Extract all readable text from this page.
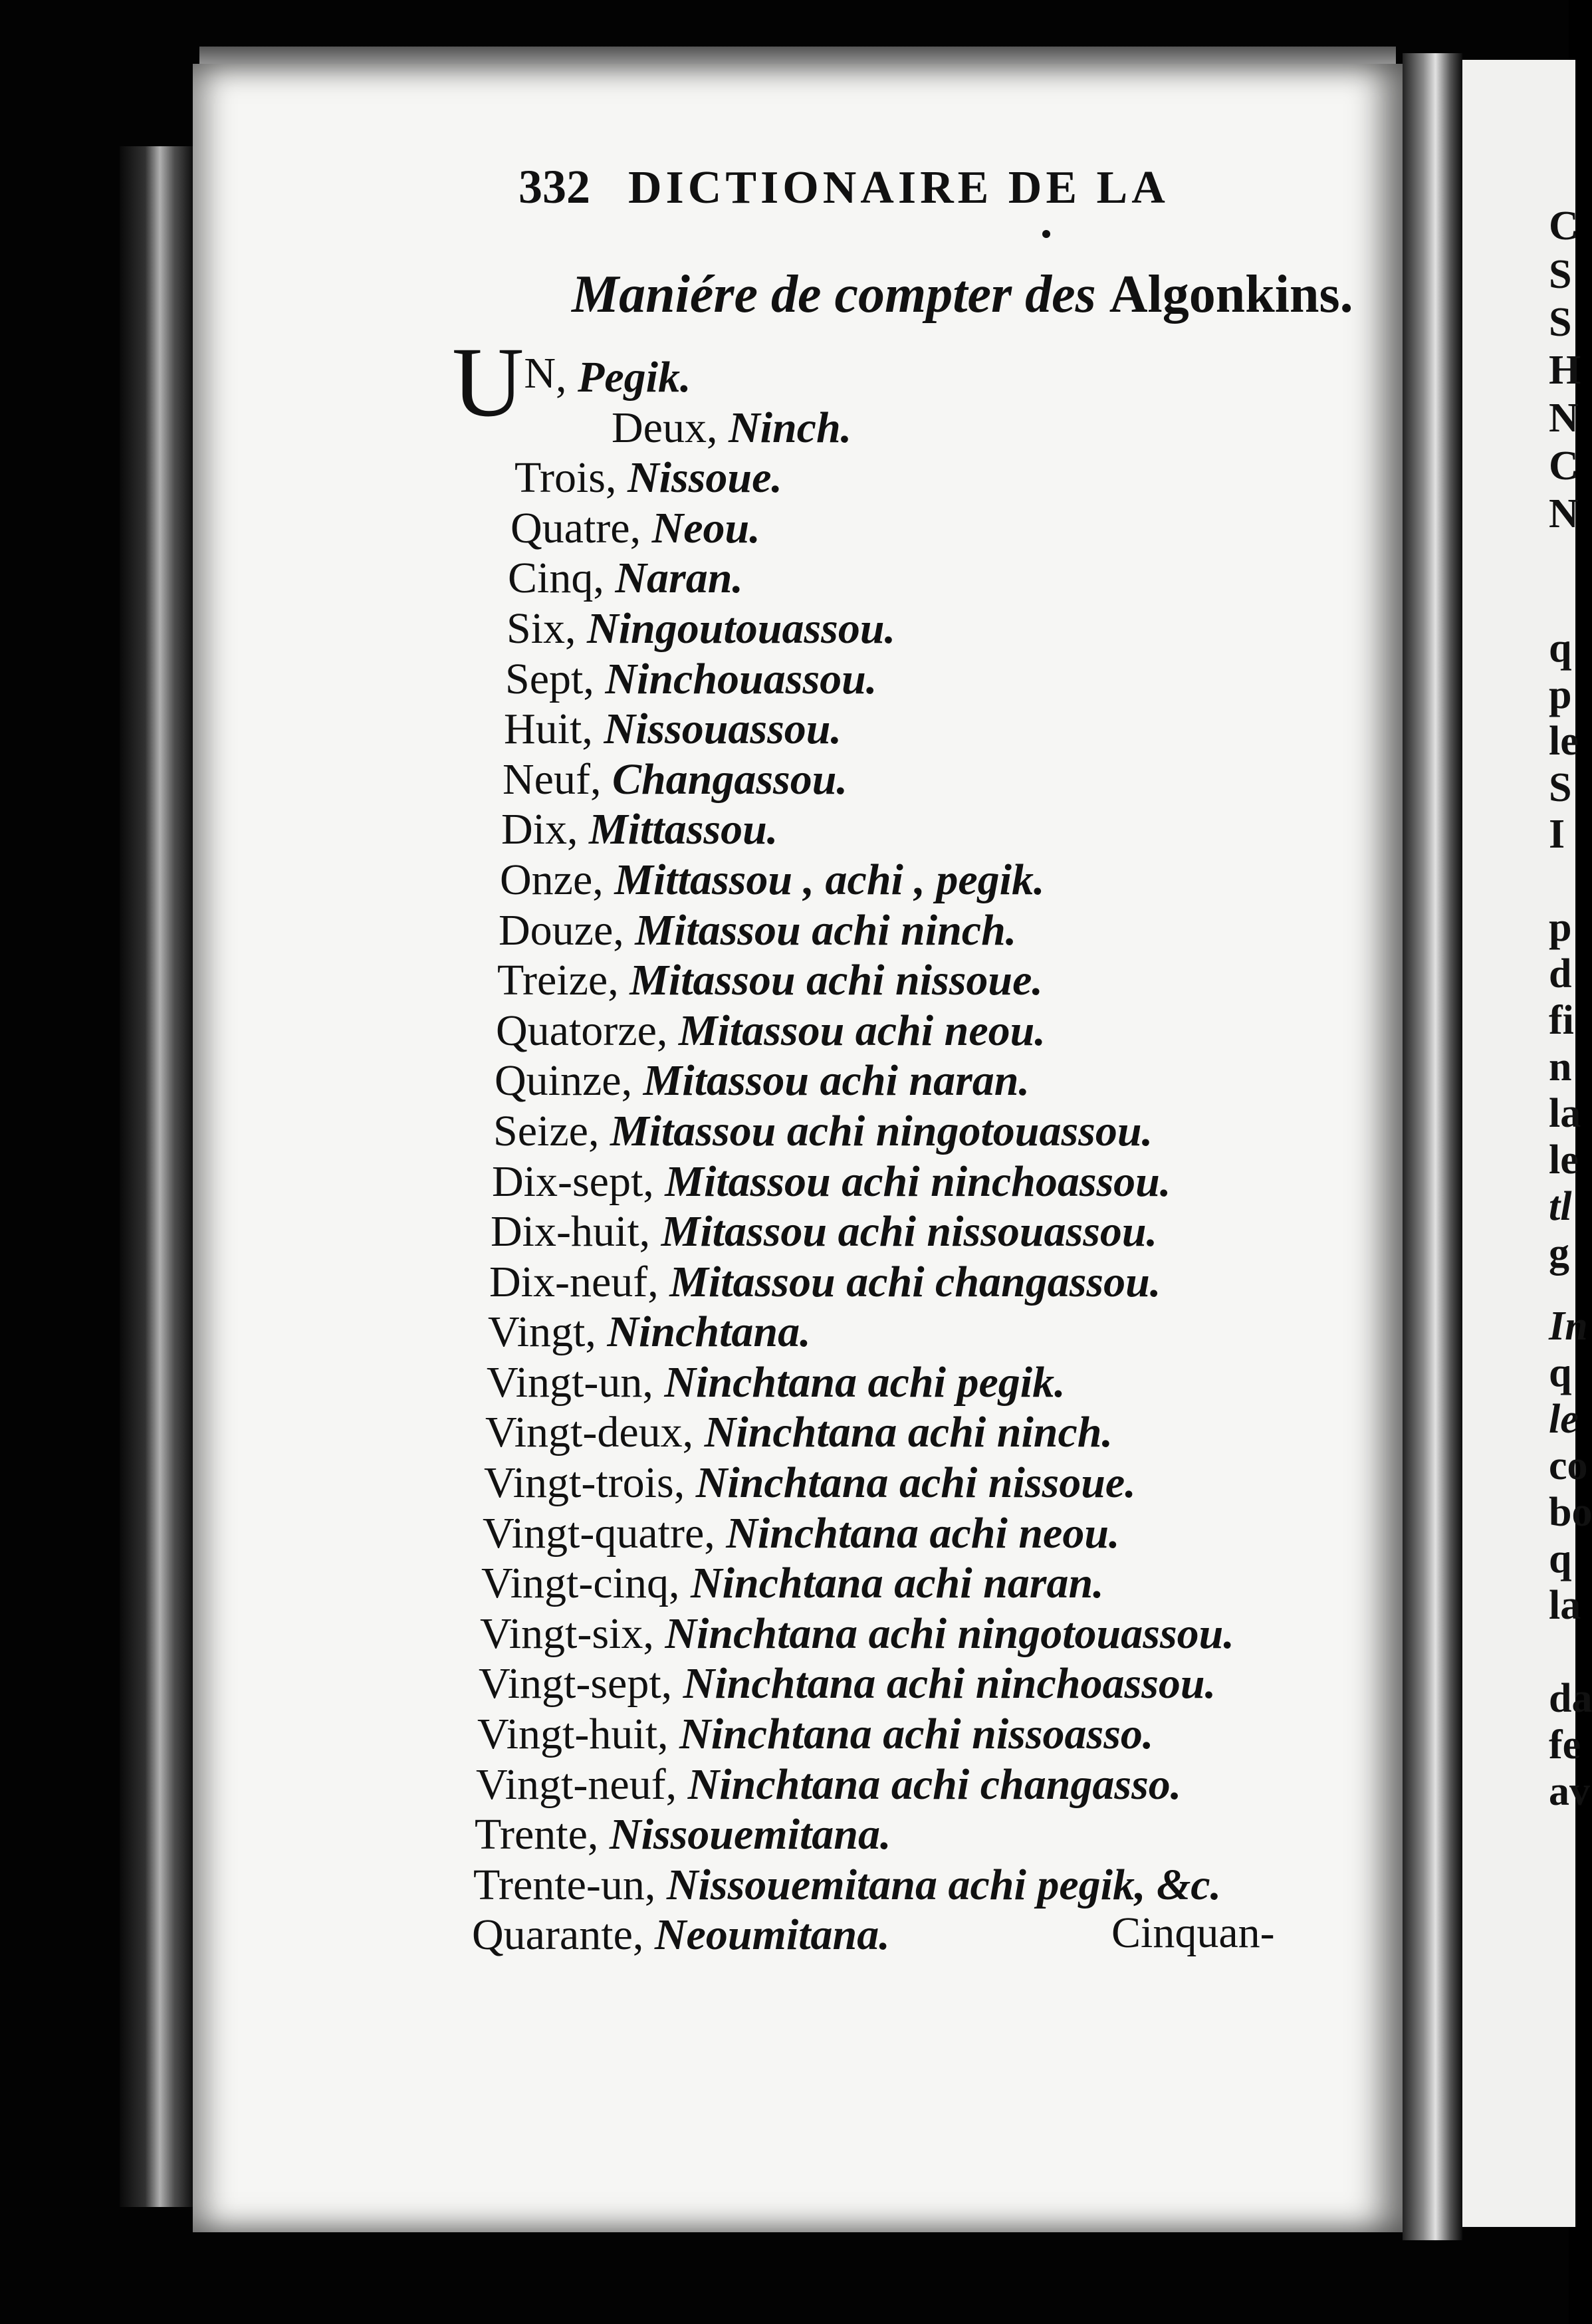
332 DICTIONAIRE DE LA
Maniére de compter des Algonkins.
UN, Pegik.
Deux, Ninch.
Trois, Nissoue.
Quatre, Neou.
Cinq, Naran.
Six, Ningoutouassou.
Sept, Ninchouassou.
Huit, Nissouassou.
Neuf, Changassou.
Dix, Mittassou.
Onze, Mittassou , achi , pegik.
Douze, Mitassou achi ninch.
Treize, Mitassou achi nissoue.
Quatorze, Mitassou achi neou.
Quinze, Mitassou achi naran.
Seize, Mitassou achi ningotouassou.
Dix-sept, Mitassou achi ninchoassou.
Dix-huit, Mitassou achi nissouassou.
Dix-neuf, Mitassou achi changassou.
Vingt, Ninchtana.
Vingt-un, Ninchtana achi pegik.
Vingt-deux, Ninchtana achi ninch.
Vingt-trois, Ninchtana achi nissoue.
Vingt-quatre, Ninchtana achi neou.
Vingt-cinq, Ninchtana achi naran.
Vingt-six, Ninchtana achi ningotouassou.
Vingt-sept, Ninchtana achi ninchoassou.
Vingt-huit, Ninchtana achi nissoasso.
Vingt-neuf, Ninchtana achi changasso.
Trente, Nissouemitana.
Trente-un, Nissouemitana achi pegik, &c.
Quarante, Neoumitana.	Cinquan-
C
S
S
H
N
C
N
q
p
le
S
I
p
d
fi
n
la
le
tl
g
In
q
le
co
bo
q
la
da
fe
av
